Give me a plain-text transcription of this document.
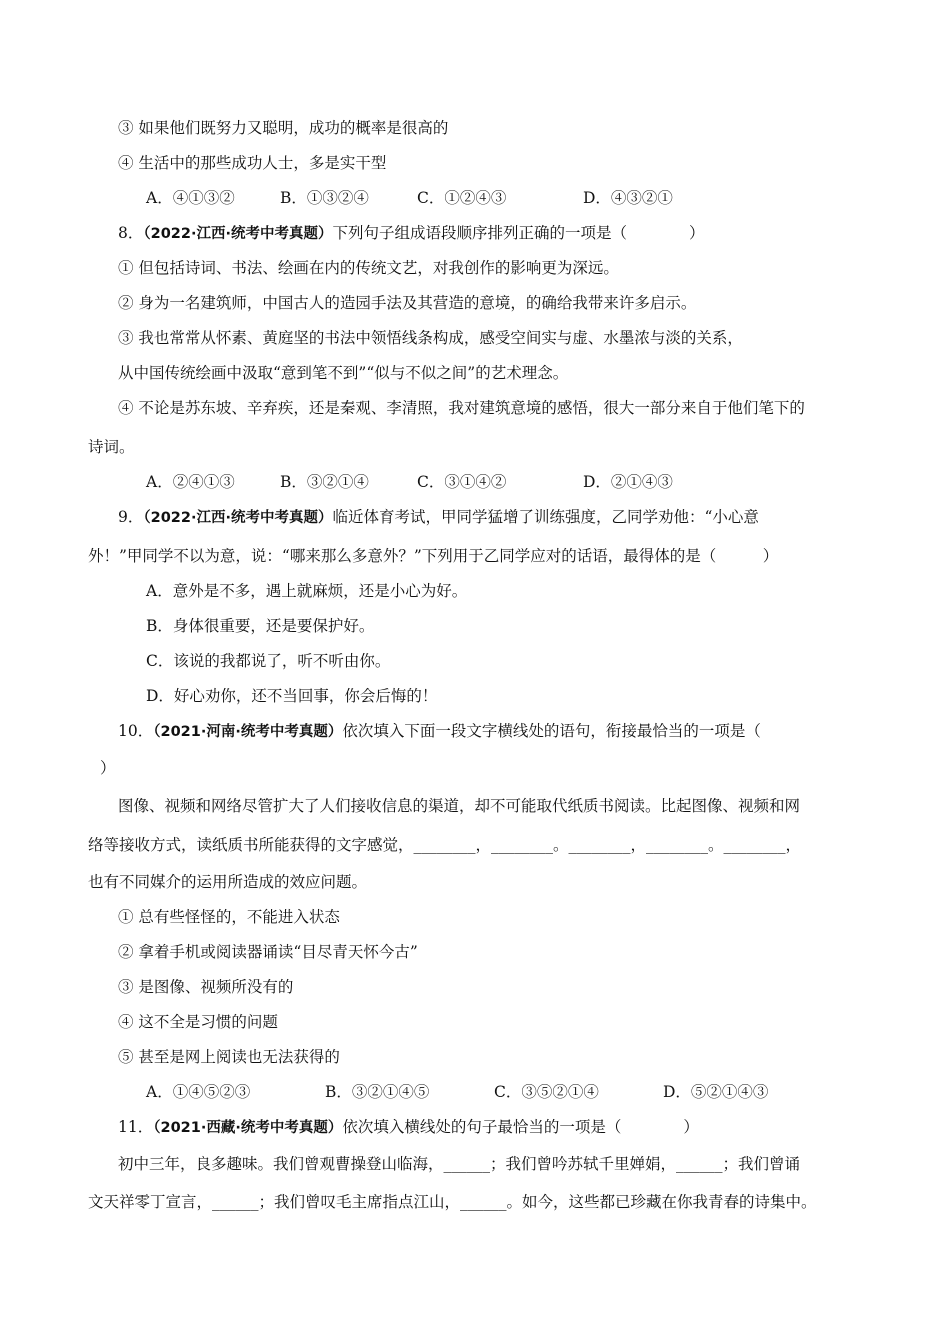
③ 如果他们既努力又聪明，成功的概率是很高的
④ 生活中的那些成功人士，多是实干型
A．④①③②	B．①③②④	C．①②④③	D．④③②①
8．（2022·江西·统考中考真题）下列句子组成语段顺序排列正确的一项是（　　　　）
① 但包括诗词、书法、绘画在内的传统文艺，对我创作的影响更为深远。
② 身为一名建筑师，中国古人的造园手法及其营造的意境，的确给我带来许多启示。
③ 我也常常从怀素、黄庭坚的书法中领悟线条构成，感受空间实与虚、水墨浓与淡的关系，
从中国传统绘画中汲取“意到笔不到”“似与不似之间”的艺术理念。
④ 不论是苏东坡、辛弃疾，还是秦观、李清照，我对建筑意境的感悟，很大一部分来自于他们笔下的
诗词。
A．②④①③	B．③②①④	C．③①④②	D．②①④③
9．（2022·江西·统考中考真题）临近体育考试，甲同学猛增了训练强度，乙同学劝他：“小心意
外！”甲同学不以为意，说：“哪来那么多意外？”下列用于乙同学应对的话语，最得体的是（　　　）
A．意外是不多，遇上就麻烦，还是小心为好。
B．身体很重要，还是要保护好。
C．该说的我都说了，听不听由你。
D．好心劝你，还不当回事，你会后悔的！
10．（2021·河南·统考中考真题）依次填入下面一段文字横线处的语句，衔接最恰当的一项是（
）
图像、视频和网络尽管扩大了人们接收信息的渠道，却不可能取代纸质书阅读。比起图像、视频和网
络等接收方式，读纸质书所能获得的文字感觉，________，________。________，________。________，
也有不同媒介的运用所造成的效应问题。
① 总有些怪怪的，不能进入状态
② 拿着手机或阅读器诵读“目尽青天怀今古”
③ 是图像、视频所没有的
④ 这不全是习惯的问题
⑤ 甚至是网上阅读也无法获得的
A．①④⑤②③	B．③②①④⑤	C．③⑤②①④	D．⑤②①④③
11．（2021·西藏·统考中考真题）依次填入横线处的句子最恰当的一项是（　　　　）
初中三年，良多趣味。我们曾观曹操登山临海，______；我们曾吟苏轼千里婵娟，______；我们曾诵
文天祥零丁宣言，______；我们曾叹毛主席指点江山，______。如今，这些都已珍藏在你我青春的诗集中。
